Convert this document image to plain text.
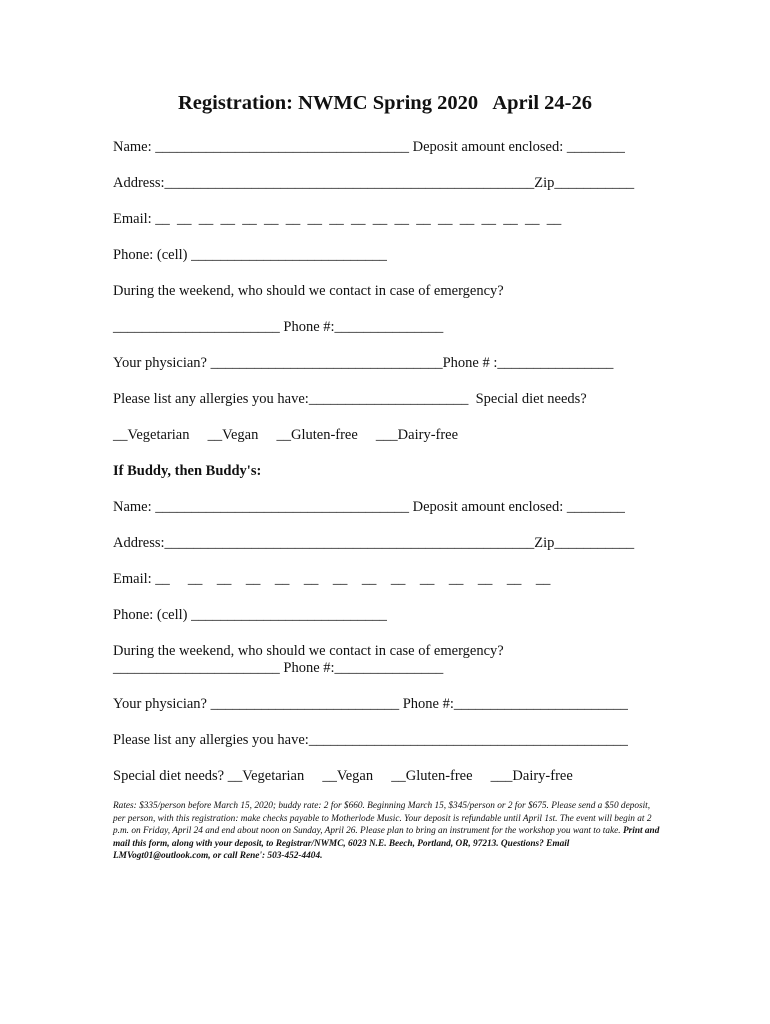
Registration: NWMC Spring 2020   April 24-26
Name: ___________________________________ Deposit amount enclosed: ________
Address:___________________________________________________Zip___________
Email: __  __  __  __  __  __  __  __  __  __  __  __  __  __  __  __  __  __  __
Phone: (cell) ___________________________
During the weekend, who should we contact in case of emergency?
_______________________ Phone #:_______________
Your physician? ________________________________Phone # :________________
Please list any allergies you have:______________________  Special diet needs?
__Vegetarian     __Vegan     __Gluten-free     ___Dairy-free
If Buddy, then Buddy's:
Name: ___________________________________ Deposit amount enclosed: ________
Address:___________________________________________________Zip___________
Email: __     __    __    __    __    __    __    __    __    __    __    __    __    __
Phone: (cell) ___________________________
During the weekend, who should we contact in case of emergency?
_______________________ Phone #:_______________
Your physician? __________________________ Phone #:________________________
Please list any allergies you have:____________________________________________
Special diet needs? __Vegetarian     __Vegan     __Gluten-free     ___Dairy-free
Rates: $335/person before March 15, 2020; buddy rate: 2 for $660. Beginning March 15, $345/person or 2 for $675. Please send a $50 deposit, per person, with this registration: make checks payable to Motherlode Music. Your deposit is refundable until April 1st. The event will begin at 2 p.m. on Friday, April 24 and end about noon on Sunday, April 26. Please plan to bring an instrument for the workshop you want to take. Print and mail this form, along with your deposit, to Registrar/NWMC, 6023 N.E. Beech, Portland, OR, 97213. Questions? Email LMVogt01@outlook.com, or call Rene': 503-452-4404.
